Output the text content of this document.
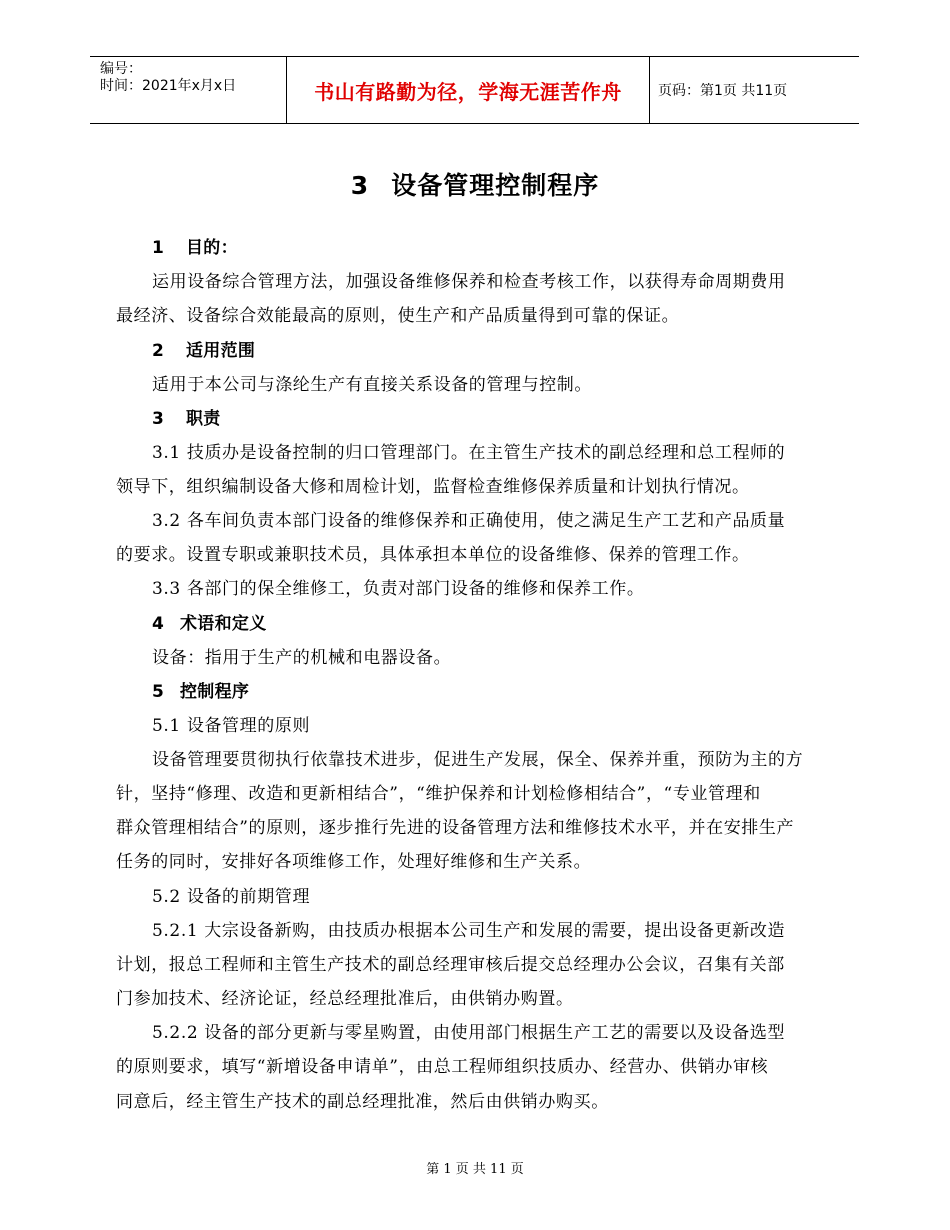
编号：
时间：2021年x月x日	书山有路勤为径，学海无涯苦作舟	页码：第1页 共11页
3 设备管理控制程序
1 目的：
运用设备综合管理方法，加强设备维修保养和检查考核工作，以获得寿命周期费用
最经济、设备综合效能最高的原则，使生产和产品质量得到可靠的保证。
2 适用范围
适用于本公司与涤纶生产有直接关系设备的管理与控制。
3 职责
3.1 技质办是设备控制的归口管理部门。在主管生产技术的副总经理和总工程师的
领导下，组织编制设备大修和周检计划，监督检查维修保养质量和计划执行情况。
3.2 各车间负责本部门设备的维修保养和正确使用，使之满足生产工艺和产品质量
的要求。设置专职或兼职技术员，具体承担本单位的设备维修、保养的管理工作。
3.3 各部门的保全维修工，负责对部门设备的维修和保养工作。
4 术语和定义
设备：指用于生产的机械和电器设备。
5 控制程序
5.1 设备管理的原则
设备管理要贯彻执行依靠技术进步，促进生产发展，保全、保养并重，预防为主的方
针，坚持“修理、改造和更新相结合”，“维护保养和计划检修相结合”，“专业管理和
群众管理相结合”的原则，逐步推行先进的设备管理方法和维修技术水平，并在安排生产
任务的同时，安排好各项维修工作，处理好维修和生产关系。
5.2 设备的前期管理
5.2.1 大宗设备新购，由技质办根据本公司生产和发展的需要，提出设备更新改造
计划，报总工程师和主管生产技术的副总经理审核后提交总经理办公会议，召集有关部
门参加技术、经济论证，经总经理批准后，由供销办购置。
5.2.2 设备的部分更新与零星购置，由使用部门根据生产工艺的需要以及设备选型
的原则要求，填写“新增设备申请单”，由总工程师组织技质办、经营办、供销办审核
同意后，经主管生产技术的副总经理批准，然后由供销办购买。
第 1 页 共 11 页
